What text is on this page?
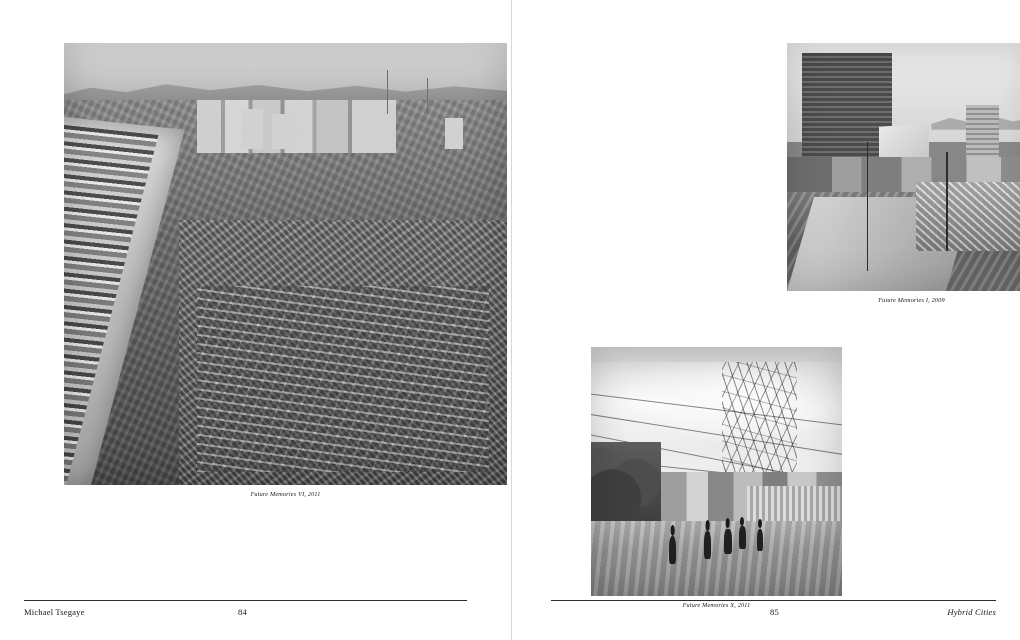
Future Memories VI, 2011
Michael Tsegaye	84
Future Memories I, 2009
Future Memories X, 2011
85	Hybrid Cities
